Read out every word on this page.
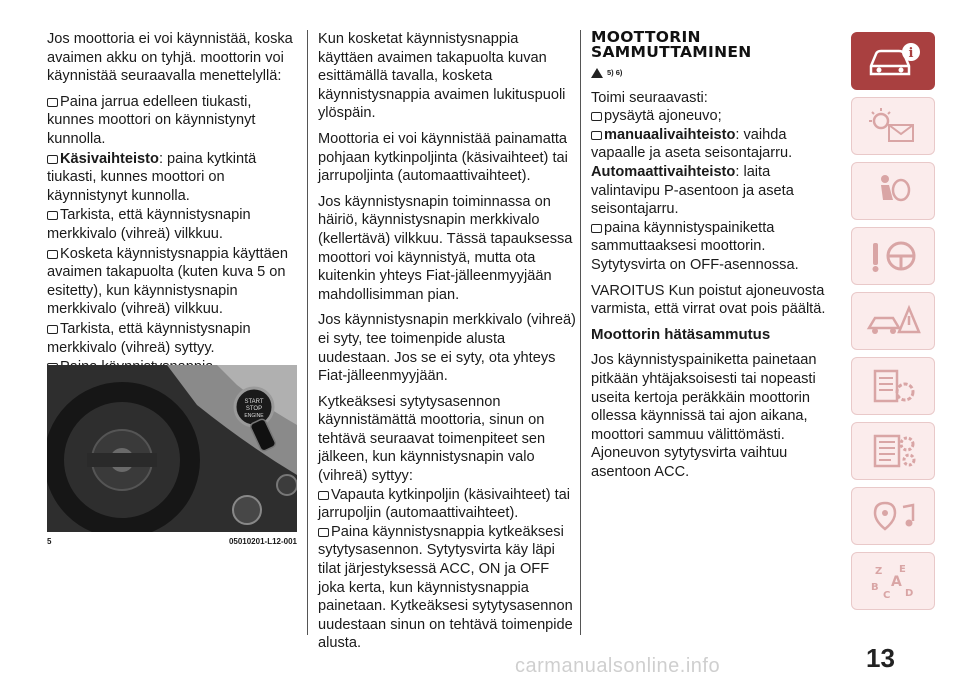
Jos moottoria ei voi käynnistää, koska avaimen akku on tyhjä. moottorin voi käynnistää seuraavalla menettelyllä:

Paina jarrua edelleen tiukasti, kunnes moottori on käynnistynyt kunnolla.

Käsivaihteisto: paina kytkintä tiukasti, kunnes moottori on käynnistynyt kunnolla.

Tarkista, että käynnistysnapin merkkivalo (vihreä) vilkkuu.

Kosketa käynnistysnappia käyttäen avaimen takapuolta (kuten kuva 5 on esitetty), kun käynnistysnapin merkkivalo (vihreä) vilkkuu.

Tarkista, että käynnistysnapin merkkivalo (vihreä) syttyy.

START
STOP
ENGINE
5	05010201-L12-001

Kun kosketat käynnistysnappia käyttäen avaimen takapuolta kuvan esittämällä tavalla, kosketa käynnistysnappia avaimen lukituspuoli ylöspäin.

Moottoria ei voi käynnistää painamatta pohjaan kytkinpoljinta (käsivaihteet) tai jarrupoljinta (automaattivaihteet).

Jos käynnistysnapin toiminnassa on häiriö, käynnistysnapin merkkivalo (kellertävä) vilkkuu. Tässä tapauksessa moottori voi käynnistyä, mutta ota kuitenkin yhteys Fiat-jälleenmyyjään mahdollisimman pian.

Jos käynnistysnapin merkkivalo (vihreä) ei syty, tee toimenpide alusta uudestaan. Jos se ei syty, ota yhteys Fiat-jälleenmyyjään.

Kytkeäksesi sytytysasennon käynnistämättä moottoria, sinun on tehtävä seuraavat toimenpiteet sen jälkeen, kun käynnistysnapin valo (vihreä) syttyy:

Vapauta kytkinpoljin (käsivaihteet) tai jarrupoljin (automaattivaihteet).

Paina käynnistysnappia kytkeäksesi sytytysasennon. Sytytysvirta käy läpi tilat järjestyksessä ACC, ON ja OFF joka kerta, kun käynnistysnappia painetaan. Kytkeäksesi sytytysasennon uudestaan sinun on tehtävä toimenpide alusta.

MOOTTORIN
SAMMUTTAMINEN
5) 6)

Toimi seuraavasti:

pysäytä ajoneuvo;

manuaalivaihteisto: vaihda vapaalle ja aseta seisontajarru.

Automaattivaihteisto: laita valintavipu P-asentoon ja aseta seisontajarru.

paina käynnistyspainiketta sammuttaaksesi moottorin. Sytytysvirta on OFF-asennossa.

VAROITUS Kun poistut ajoneuvosta varmista, että virrat ovat pois päältä.

Moottorin hätäsammutus

Jos käynnistyspainiketta painetaan pitkään yhtäjaksoisesti tai nopeasti useita kertoja peräkkäin moottorin ollessa käynnissä tai ajon aikana, moottori sammuu välittömästi. Ajoneuvon sytytysvirta vaihtuu asentoon ACC.

i
Z E
B A
C D
carmanualsonline.info	13
